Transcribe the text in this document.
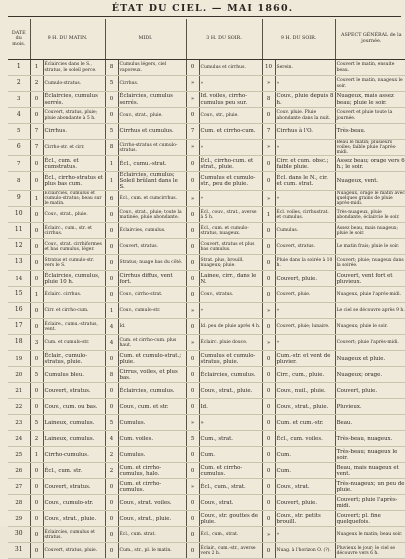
ÉTAT DU CIEL. — MAI 1860.
DATE du mois.	9 H. DU MATIN.		MIDI.		3 H. DU SOIR.		9 H. DU SOIR.		ASPECT GÉNÉRAL de la journée.
1	1	Éclaircies dans le S., stratus, le soleil perce.	8	Cumulus légers, ciel vaporeux.	0	Cumulus et cirrhus.	10	Serein.	Couvert le matin, ensuite beau.
2	2	Cumulo-stratus.	5	Cirrhus.	»	»	»	»	Couvert le matin, nuageux le soir.
3	0	Éclaircies, cumulus serrés.	0	Éclaircies, cumulus serrés.	»	Id. voiles, cirrho-cumulus peu sur.	8	Couv., pluie depuis 8 h.	Nuageux, mais assez beau; pluie le soir.
4	0	Couvert, stratus, pluie; pluie abondante à 5 h.	0	Couv., strat., pluie.	0	Couv., str., pluie.	0	Couv. pluie. Pluie abondante dans la nuit.	Couvert et pluie toute la journée.
5	7	Cirrhus.	5	Cirrhus et cumulus.	7	Cum. et cirrho-cum.	7	Cirrhus à l'O.	Très-beau.
6	7	Cirrho-str. et cirr.	8	Cirrho-stratus et cumulo-stratus.	»	»	»	»	Beau le matin; plusieurs voiles; faible pluie l'après-midi.
7	0	Écl., cum. et cumstratus.	1	Écl., cumu.-strat.	0	Écl., cirrho-cum. et strat., pluie.	0	Cirr. et cum. obsc.; faible pluie.	Assez beau; orage vers 6 h.; le soir.
8	0	Écl., cirrho-stratus et plus bas cum.	1	Éclaircies, cumulus; Soleil brûlant dans le S.	0	Cumulus et cumulo-str., peu de pluie.	0	Écl. dans le N., cir. et cum. strat.	Nuageux, vent.
9	1	Éclaircies, cumulus et cumulo-stratus; beau sur le matin.	6	Écl., cum. et cumcirrhus.	»	»	»	»	Nuageux, orage le matin avec quelques grains de pluie après-midi.
10	0	Couv., strat., pluie.	0	Couv., strat., pluie; toute la matinée, pluie abondante.	0	Écl., couv., strat., averse à 5 h.	1	Écl. voiles, cirrhustrat. et cumulus.	Très-nuageux, pluie abondante, éclaircie le soir.
11	0	Éclairc., cum., str. et cirrhus.	0	Éclaircies, cumulus.	0	Écl., cum. et cumulo-stratus, nuageux.	0	Cumulus.	Assez beau, mais nuageux; pluie le soir.
12	0	Couv., strat. cirrhiformes et bas cumulus, léger.	0	Couvert, stratus.	0	Couvert, stratus et plus bas cumulus.	0	Couvert, stratus.	Le matin frais; pluie le soir.
13	0	Stratus et cumulo-str. vers le S.	0	Stratus; nuage bas du côté.	0	Strat. plus, brouill. nuageux; pluie.	0	Pluie dans la soirée à 10 h.	Couvert; pluie; nuageux dans la soirée.
14	0	Éclaircies, cumulus, pluie 10 h.	0	Cirrhus diffus, vent fort.	0	Lainee, cirr., dans le N.	0	Couvert, pluie.	Couvert, vent fort et pluvieux.
15	1	Éclairc. cirrhus.	0	Couv., cirrho-strat.	0	Couv., stratus.	0	Couvert, pluie.	Nuageux, pluie l'après-midi.
16	0	Cirr. et cirrho-cum.	1	Couv., cumulo-str.	»	»	»	»	Le ciel se découvre après 9 h.
17	0	Éclaire., cumu.-stratus, vent.	4	Id.	0	Id. peu de pluie après 4 h.	0	Couvert, pluie; lunaire.	Nuageux; pluie le soir.
18	3	Cum. et cumulo-str.	4	Cum. et cirrho-cum. plus haut.	»	Éclairc. pluie douce.	»	»	Couvert; pluie l'après-midi.
19	0	Éclair., cumulo-stratus, pluie.	0	Cum. et cumulo-strat.; pluie.	0	Cumulus et cumulo-stratus, pluie.	0	Cum.-str. et vent de pluvier.	Nuageux et pluie.
20	5	Cumulus bleu.	8	Cirrus, voiles, et plus bas.	0	Éclaircies, cumulus.	0	Cirr., cum., pluie.	Nuageux; orage.
21	0	Couvert, stratus.	0	Éclaircies, cumulus.	0	Couv., strat., pluie.	0	Couv., nuil., pluie.	Couvert, pluie.
22	0	Couv., cum. ou bas.	0	Couv., cum. et str.	0	Id.	0	Couv., strat., pluie.	Pluvieux.
23	5	Laineux, cumulus.	5	Cumulus.	»	»	0	Cum. et cum.-str.	Beau.
24	2	Laineux, cumulus.	4	Cum. voiles.	5	Cum., strat.	0	Écl., cum. voiles.	Très-beau, nuageux.
25	1	Cirrho-cumulus.	2	Cumulus.	0	Cum.	0	Cum.	Très-beau; nuageux le soir.
26	0	Écl., cum. str.	2	Cum. et cirrho-cumulus, halo.	0	Cum. et cirrho-cumulus.	0	Cum.	Beau, mais nuageux et vent.
27	0	Couvert, stratus.	0	Cum. et cirrho-cumulus.	»	Écl., cum., strat.	0	Couv., strat.	Très-nuageux; un peu de pluie.
28	0	Couv., cumulo-str.	0	Couv., strat. voiles.	0	Couv., strat.	0	Couvert, pluie.	Couvert; pluie l'après-midi.
29	0	Couv., strat., pluie.	0	Couv., strat., pluie.	0	Couv., str. gouttes de pluie.	0	Couv., str. petits brouill.	Couvert; pl. fine quelquefois.
30	0	Éclaircies, cumulus et stratus.	0	Écl., cum. strat.	0	Écl., cum., strat.	»	»	Nuageux le matin; beau soir.
31	0	Couvert, stratus, pluie.	0	Cum., str., pl. le matin.	0	Éclair., cum.-str., averse vers 2 h.	0	Nuag. à l'horizon O. (?).	Pluvieux le jour; le ciel se découvre vers 6 h.
